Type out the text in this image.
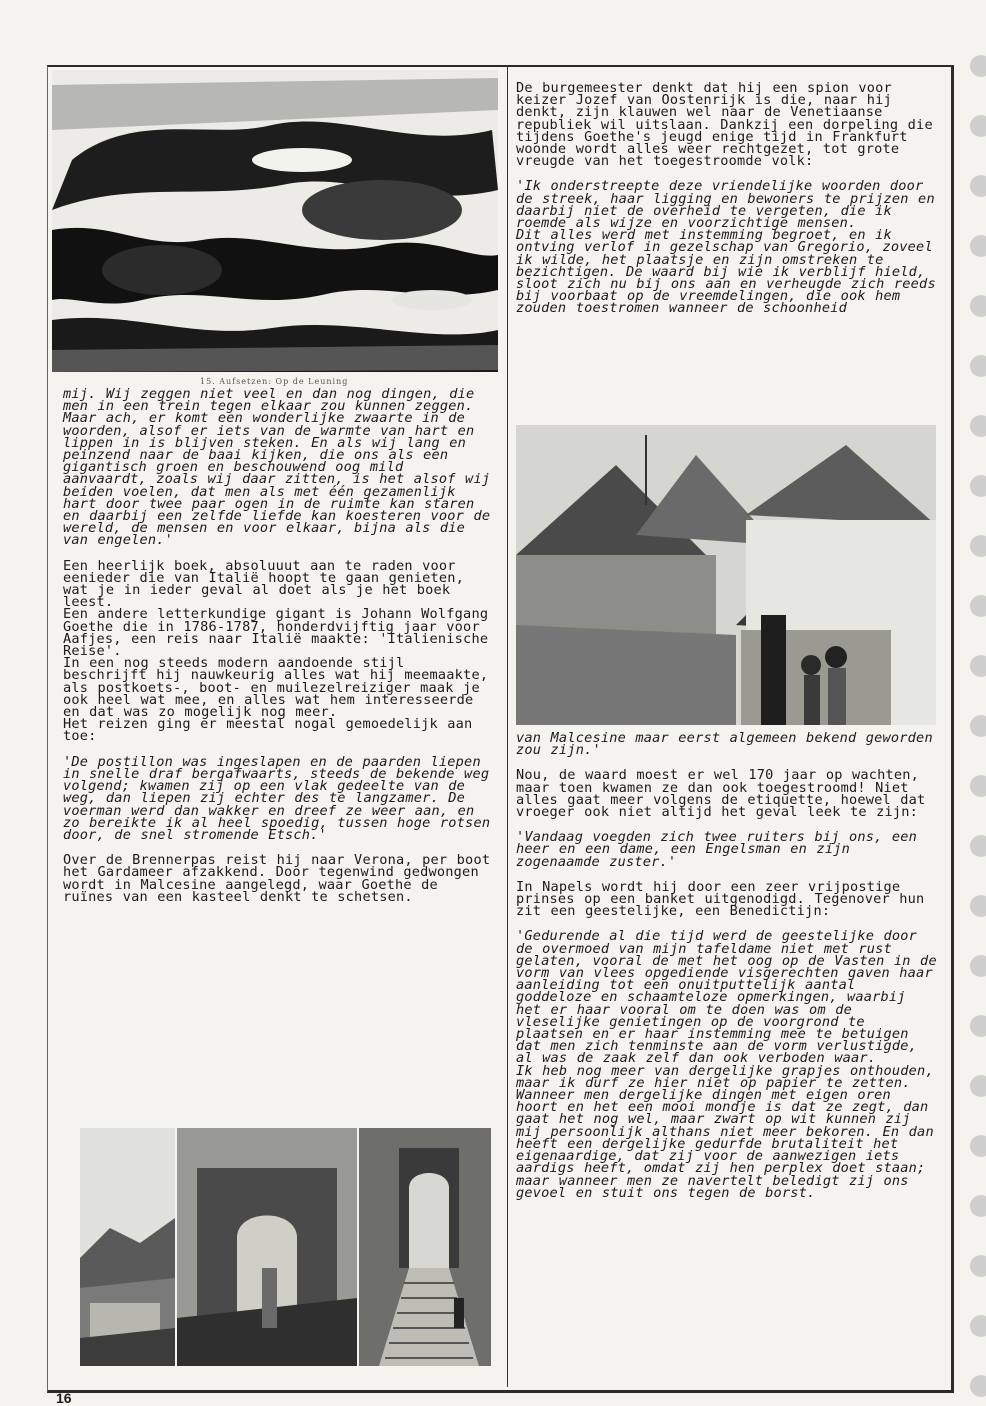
15. Aufsetzen: Op de Leuning

mij. Wij zeggen niet veel en dan nog dingen, die men in een trein tegen elkaar zou kunnen zeggen. Maar ach, er komt een wonderlijke zwaarte in de woorden, alsof er iets van de warmte van hart en lippen in is blijven steken. En als wij lang en peinzend naar de baai kijken, die ons als een gigantisch groen en beschouwend oog mild aanvaardt, zoals wij daar zitten, is het alsof wij beiden voelen, dat men als met één gezamenlijk hart door twee paar ogen in de ruimte kan staren en daarbij een zelfde liefde kan koesteren voor de wereld, de mensen en voor elkaar, bijna als die van engelen.'

Een heerlijk boek, absoluuut aan te raden voor eenieder die van Italië hoopt te gaan genieten, wat je in ieder geval al doet als je het boek leest.
Een andere letterkundige gigant is Johann Wolfgang Goethe die in 1786-1787, honderdvijftig jaar voor Aafjes, een reis naar Italië maakte: 'Italienische Reise'.
In een nog steeds modern aandoende stijl beschrijft hij nauwkeurig alles wat hij meemaakte, als postkoets-, boot- en muilezelreiziger maak je ook heel wat mee, en alles wat hem interesseerde en dat was zo mogelijk nog meer.
Het reizen ging er meestal nogal gemoedelijk aan toe:

'De postillon was ingeslapen en de paarden liepen in snelle draf bergafwaarts, steeds de bekende weg volgend; kwamen zij op een vlak gedeelte van de weg, dan liepen zij echter des te langzamer. De voerman werd dan wakker en dreef ze weer aan, en zo bereikte ik al heel spoedig, tussen hoge rotsen door, de snel stromende Etsch.'

Over de Brennerpas reist hij naar Verona, per boot het Gardameer afzakkend. Door tegenwind gedwongen wordt in Malcesine aangelegd, waar Goethe de ruïnes van een kasteel denkt te schetsen.

De burgemeester denkt dat hij een spion voor keizer Jozef van Oostenrijk is die, naar hij denkt, zijn klauwen wel naar de Venetiaanse republiek wil uitslaan. Dankzij een dorpeling die tijdens Goethe's jeugd enige tijd in Frankfurt woonde wordt alles weer rechtgezet, tot grote vreugde van het toegestroomde volk:

'Ik onderstreepte deze vriendelijke woorden door de streek, haar ligging en bewoners te prijzen en daarbij niet de overheid te vergeten, die ik roemde als wijze en voorzichtige mensen.
Dit alles werd met instemming begroet, en ik ontving verlof in gezelschap van Gregorio, zoveel ik wilde, het plaatsje en zijn omstreken te bezichtigen. De waard bij wie ik verblijf hield, sloot zich nu bij ons aan en verheugde zich reeds bij voorbaat op de vreemdelingen, die ook hem zouden toestromen wanneer de schoonheid

van Malcesine maar eerst algemeen bekend geworden zou zijn.'

Nou, de waard moest er wel 170 jaar op wachten, maar toen kwamen ze dan ook toegestroomd! Niet alles gaat meer volgens de etiquette, hoewel dat vroeger ook niet altijd het geval leek te zijn:

'Vandaag voegden zich twee ruiters bij ons, een heer en een dame, een Engelsman en zijn zogenaamde zuster.'

In Napels wordt hij door een zeer vrijpostige prinses op een banket uitgenodigd. Tegenover hun zit een geestelijke, een Benedictijn:

'Gedurende al die tijd werd de geestelijke door de overmoed van mijn tafeldame niet met rust gelaten, vooral de met het oog op de Vasten in de vorm van vlees opgediende visgerechten gaven haar aanleiding tot een onuitputtelijk aantal goddeloze en schaamteloze opmerkingen, waarbij het er haar vooral om te doen was om de vleselijke genietingen op de voorgrond te plaatsen en er haar instemming mee te betuigen dat men zich tenminste aan de vorm verlustigde, al was de zaak zelf dan ook verboden waar.
Ik heb nog meer van dergelijke grapjes onthouden, maar ik durf ze hier niet op papier te zetten. Wanneer men dergelijke dingen met eigen oren hoort en het een mooi mondje is dat ze zegt, dan gaat het nog wel, maar zwart op wit kunnen zij mij persoonlijk althans niet meer bekoren. En dan heeft een dergelijke gedurfde brutaliteit het eigenaardige, dat zij voor de aanwezigen iets aardigs heeft, omdat zij hen perplex doet staan; maar wanneer men ze navertelt beledigt zij ons gevoel en stuit ons tegen de borst.

16
